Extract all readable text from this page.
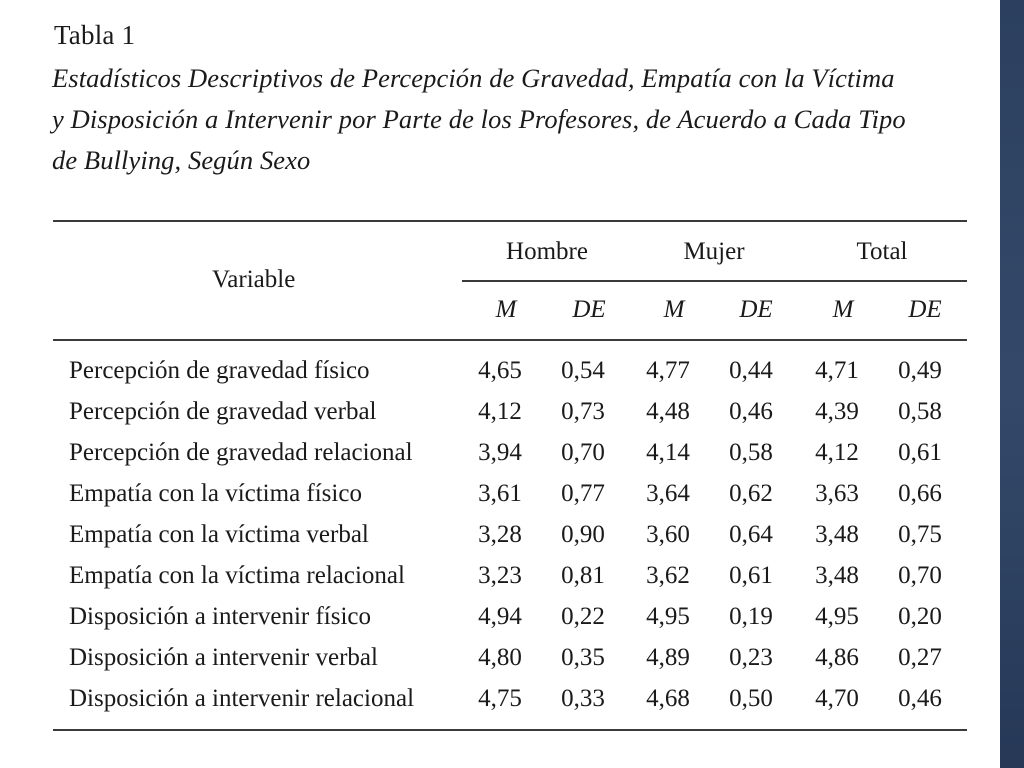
Tabla 1
Estadísticos Descriptivos de Percepción de Gravedad, Empatía con la Víctima
y Disposición a Intervenir por Parte de los Profesores, de Acuerdo a Cada Tipo
de Bullying, Según Sexo
Variable
Hombre	Mujer	Total
M DE M DE M DE
Percepción de gravedad físico	4,65 0,54 4,77 0,44 4,71 0,49
Percepción de gravedad verbal	4,12 0,73 4,48 0,46 4,39 0,58
Percepción de gravedad relacional	3,94 0,70 4,14 0,58 4,12 0,61
Empatía con la víctima físico	3,61 0,77 3,64 0,62 3,63 0,66
Empatía con la víctima verbal	3,28 0,90 3,60 0,64 3,48 0,75
Empatía con la víctima relacional	3,23 0,81 3,62 0,61 3,48 0,70
Disposición a intervenir físico	4,94 0,22 4,95 0,19 4,95 0,20
Disposición a intervenir verbal	4,80 0,35 4,89 0,23 4,86 0,27
Disposición a intervenir relacional	4,75 0,33 4,68 0,50 4,70 0,46
